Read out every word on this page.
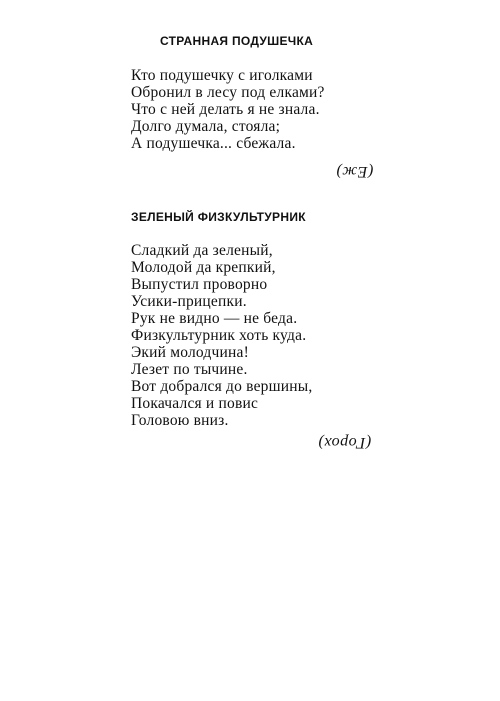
СТРАННАЯ ПОДУШЕЧКА
Кто подушечку с иголками
Обронил в лесу под елками?
Что с ней делать я не знала.
Долго думала, стояла;
А подушечка... сбежала.
(Еж)
ЗЕЛЕНЫЙ ФИЗКУЛЬТУРНИК
Сладкий да зеленый,
Молодой да крепкий,
Выпустил проворно
Усики-прицепки.
Рук не видно — не беда.
Физкультурник хоть куда.
Экий молодчина!
Лезет по тычине.
Вот добрался до вершины,
Покачался и повис
Головою вниз.
(Горох)
